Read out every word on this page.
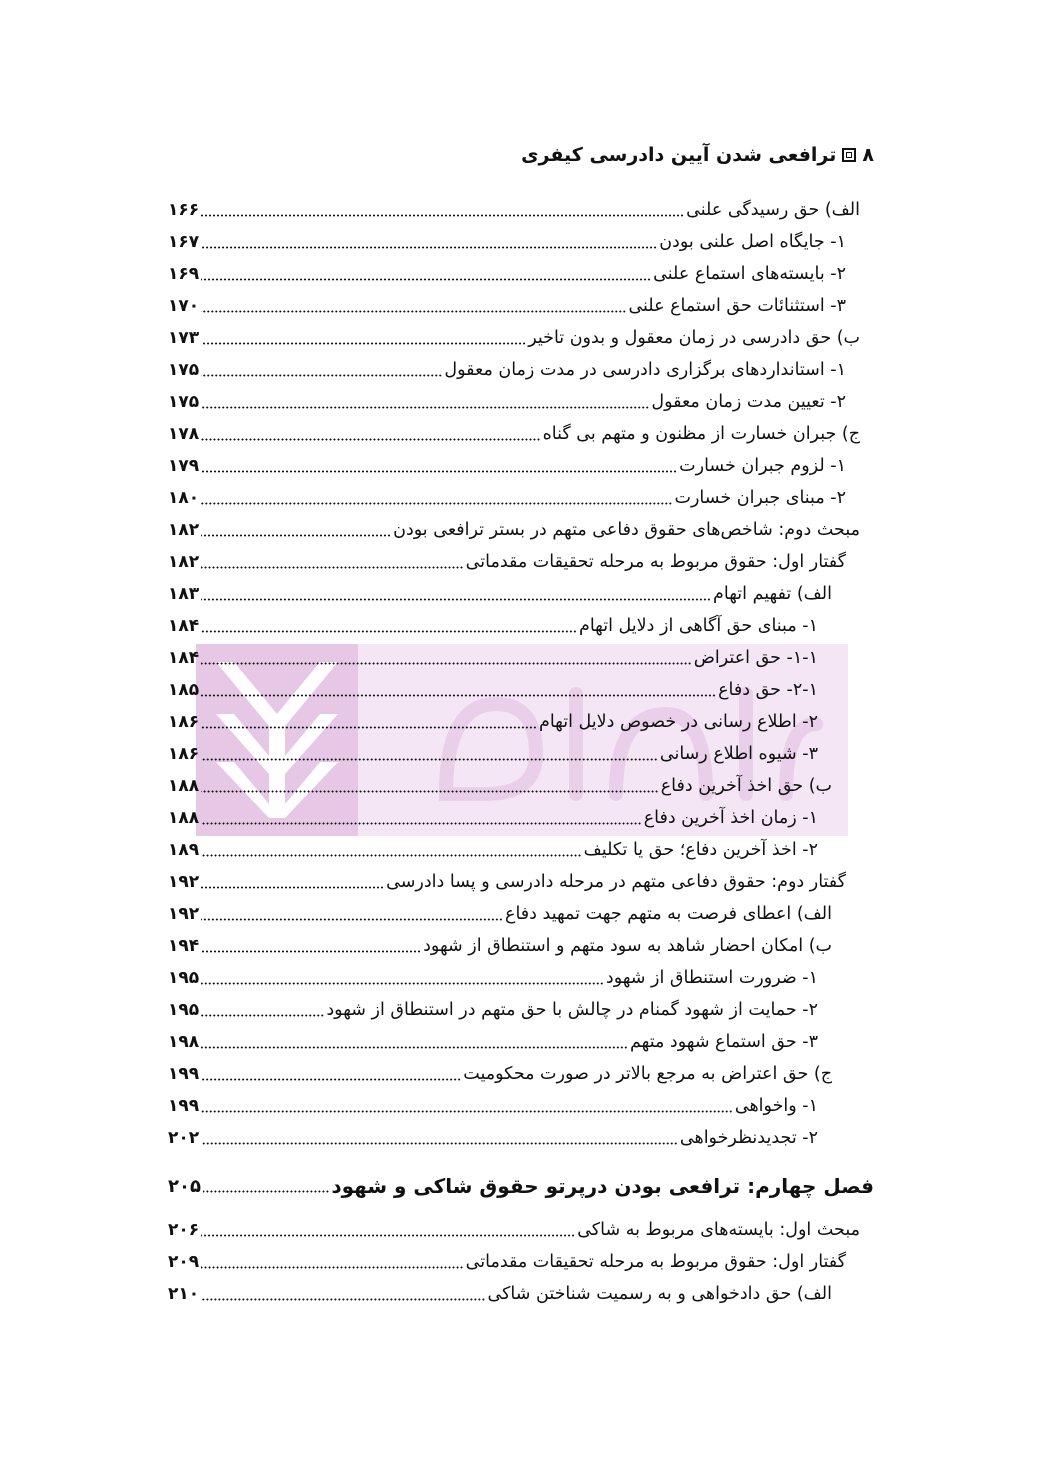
۸
ترافعی شدن آیین دادرسی کیفری
الف) حق رسیدگی علنی
۱۶۶
۱- جایگاه اصل علنی بودن
۱۶۷
۲- بایسته‌های استماع علنی
۱۶۹
۳- استثنائات حق استماع علنی
۱۷۰
ب) حق دادرسی در زمان معقول و بدون تاخیر
۱۷۳
۱- استانداردهای برگزاری دادرسی در مدت زمان معقول
۱۷۵
۲- تعیین مدت زمان معقول
۱۷۵
ج) جبران خسارت از مظنون و متهم بی گناه
۱۷۸
۱- لزوم جبران خسارت
۱۷۹
۲- مبنای جبران خسارت
۱۸۰
مبحث دوم: شاخص‌های حقوق دفاعی متهم در بستر ترافعی بودن
۱۸۲
گفتار اول: حقوق مربوط به مرحله تحقیقات مقدماتی
۱۸۲
الف) تفهیم اتهام
۱۸۳
۱- مبنای حق آگاهی از دلایل اتهام
۱۸۴
۱-۱- حق اعتراض
۱۸۴
۲-۱- حق دفاع
۱۸۵
۲- اطلاع رسانی در خصوص دلایل اتهام
۱۸۶
۳- شیوه اطلاع رسانی
۱۸۶
ب) حق اخذ آخرین دفاع
۱۸۸
۱- زمان اخذ آخرین دفاع
۱۸۸
۲- اخذ آخرین دفاع؛ حق یا تکلیف
۱۸۹
گفتار دوم: حقوق دفاعی متهم در مرحله دادرسی و پسا دادرسی
۱۹۲
الف) اعطای فرصت به متهم جهت تمهید دفاع
۱۹۲
ب) امکان احضار شاهد به سود متهم و استنطاق از شهود
۱۹۴
۱- ضرورت استنطاق از شهود
۱۹۵
۲- حمایت از شهود گمنام در چالش با حق متهم در استنطاق از شهود
۱۹۵
۳- حق استماع شهود متهم
۱۹۸
ج) حق اعتراض به مرجع بالاتر در صورت محکومیت
۱۹۹
۱- واخواهی
۱۹۹
۲- تجدیدنظرخواهی
۲۰۲
فصل چهارم: ترافعی بودن درپرتو حقوق شاکی و شهود
۲۰۵
مبحث اول: بایسته‌های مربوط به شاکی
۲۰۶
گفتار اول: حقوق مربوط به مرحله تحقیقات مقدماتی
۲۰۹
الف) حق دادخواهی و به رسمیت شناختن شاکی
۲۱۰
